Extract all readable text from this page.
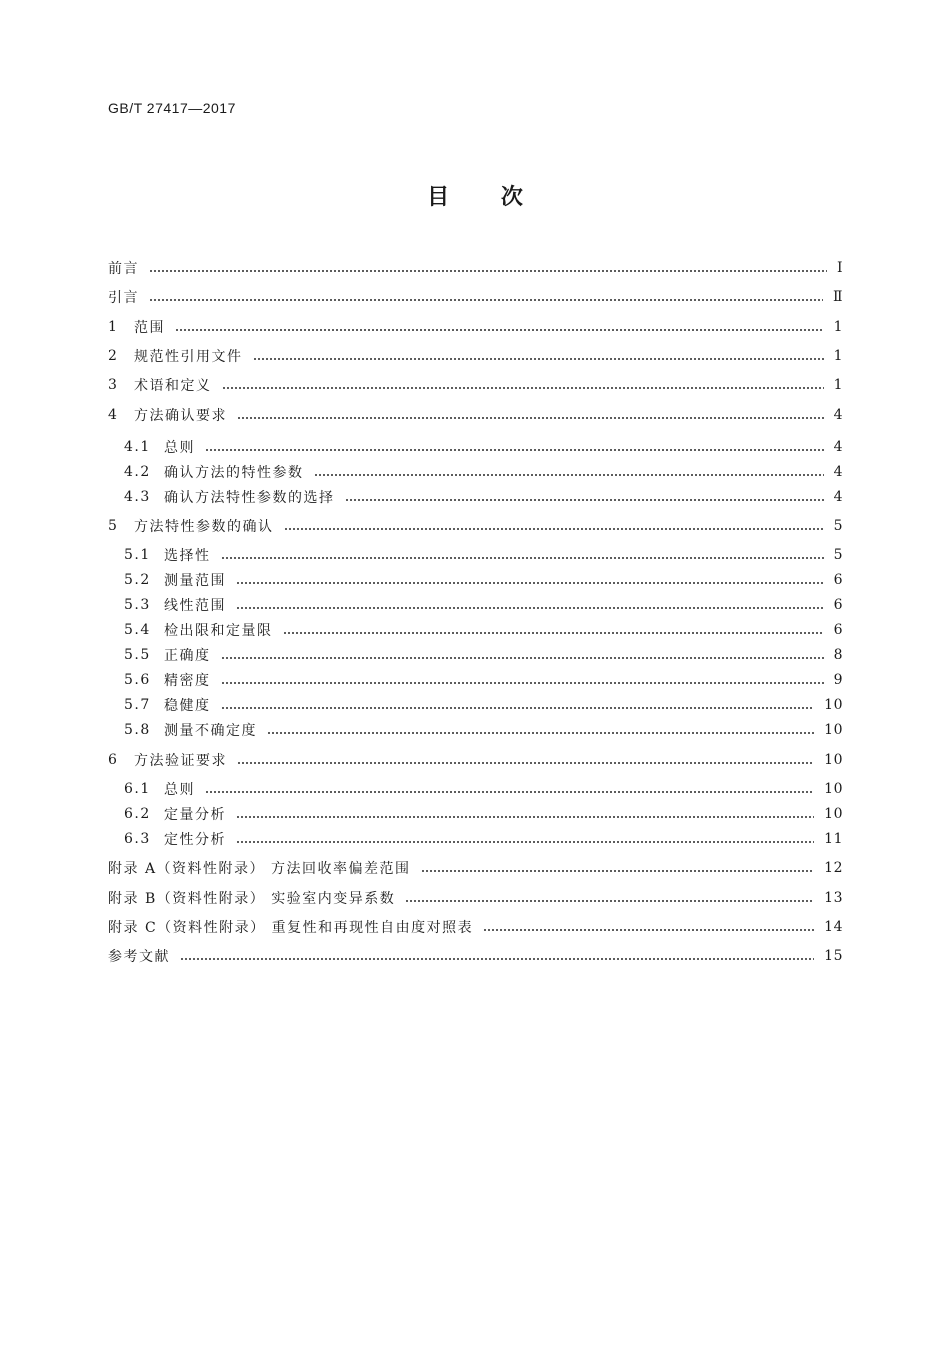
GB/T 27417—2017
目 次
前言	Ⅰ
引言	Ⅱ
1	范围	1
2	规范性引用文件	1
3	术语和定义	1
4	方法确认要求	4
4.1 总则	4
4.2 确认方法的特性参数	4
4.3 确认方法特性参数的选择	4
5	方法特性参数的确认	5
5.1 选择性	5
5.2 测量范围	6
5.3 线性范围	6
5.4 检出限和定量限	6
5.5 正确度	8
5.6 精密度	9
5.7 稳健度	10
5.8 测量不确定度	10
6	方法验证要求	10
6.1 总则	10
6.2 定量分析	10
6.3 定性分析	11
附录 A（资料性附录） 方法回收率偏差范围	12
附录 B（资料性附录） 实验室内变异系数	13
附录 C（资料性附录） 重复性和再现性自由度对照表	14
参考文献	15
